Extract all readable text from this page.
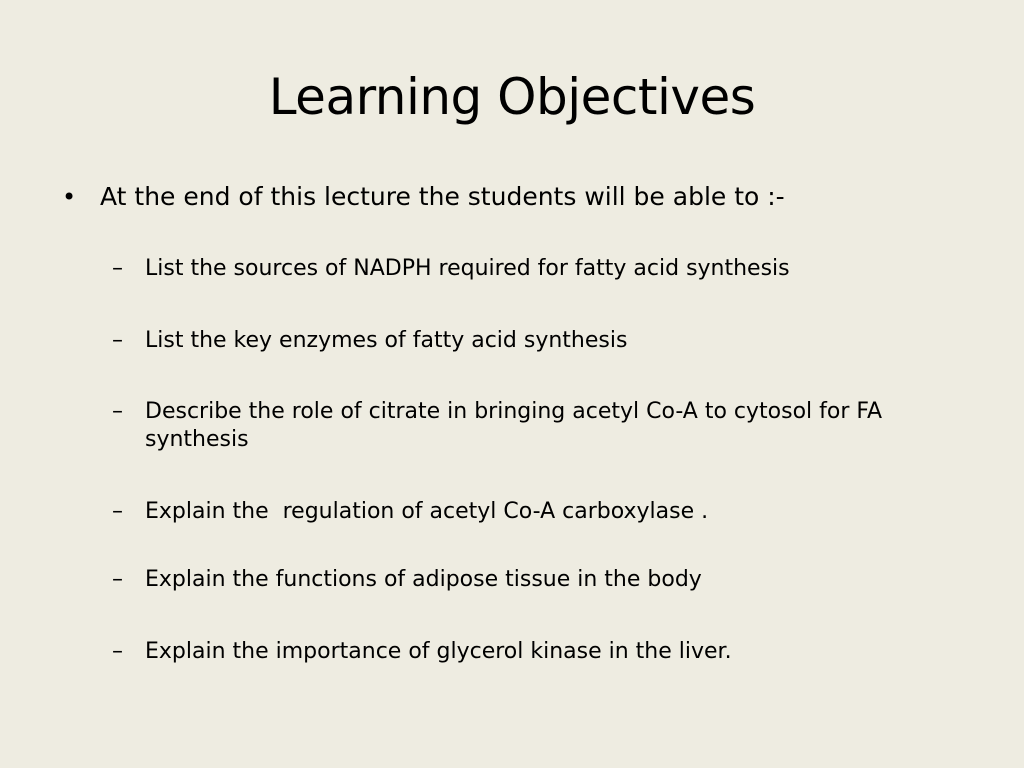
Learning Objectives
• At the end of this lecture the students will be able to :-
–	List the sources of NADPH required for fatty acid synthesis
–	List the key enzymes of fatty acid synthesis
–	Describe the role of citrate in bringing acetyl Co-A to cytosol for FA synthesis
–	Explain the  regulation of acetyl Co-A carboxylase .
–	Explain the functions of adipose tissue in the body
–	Explain the importance of glycerol kinase in the liver.
